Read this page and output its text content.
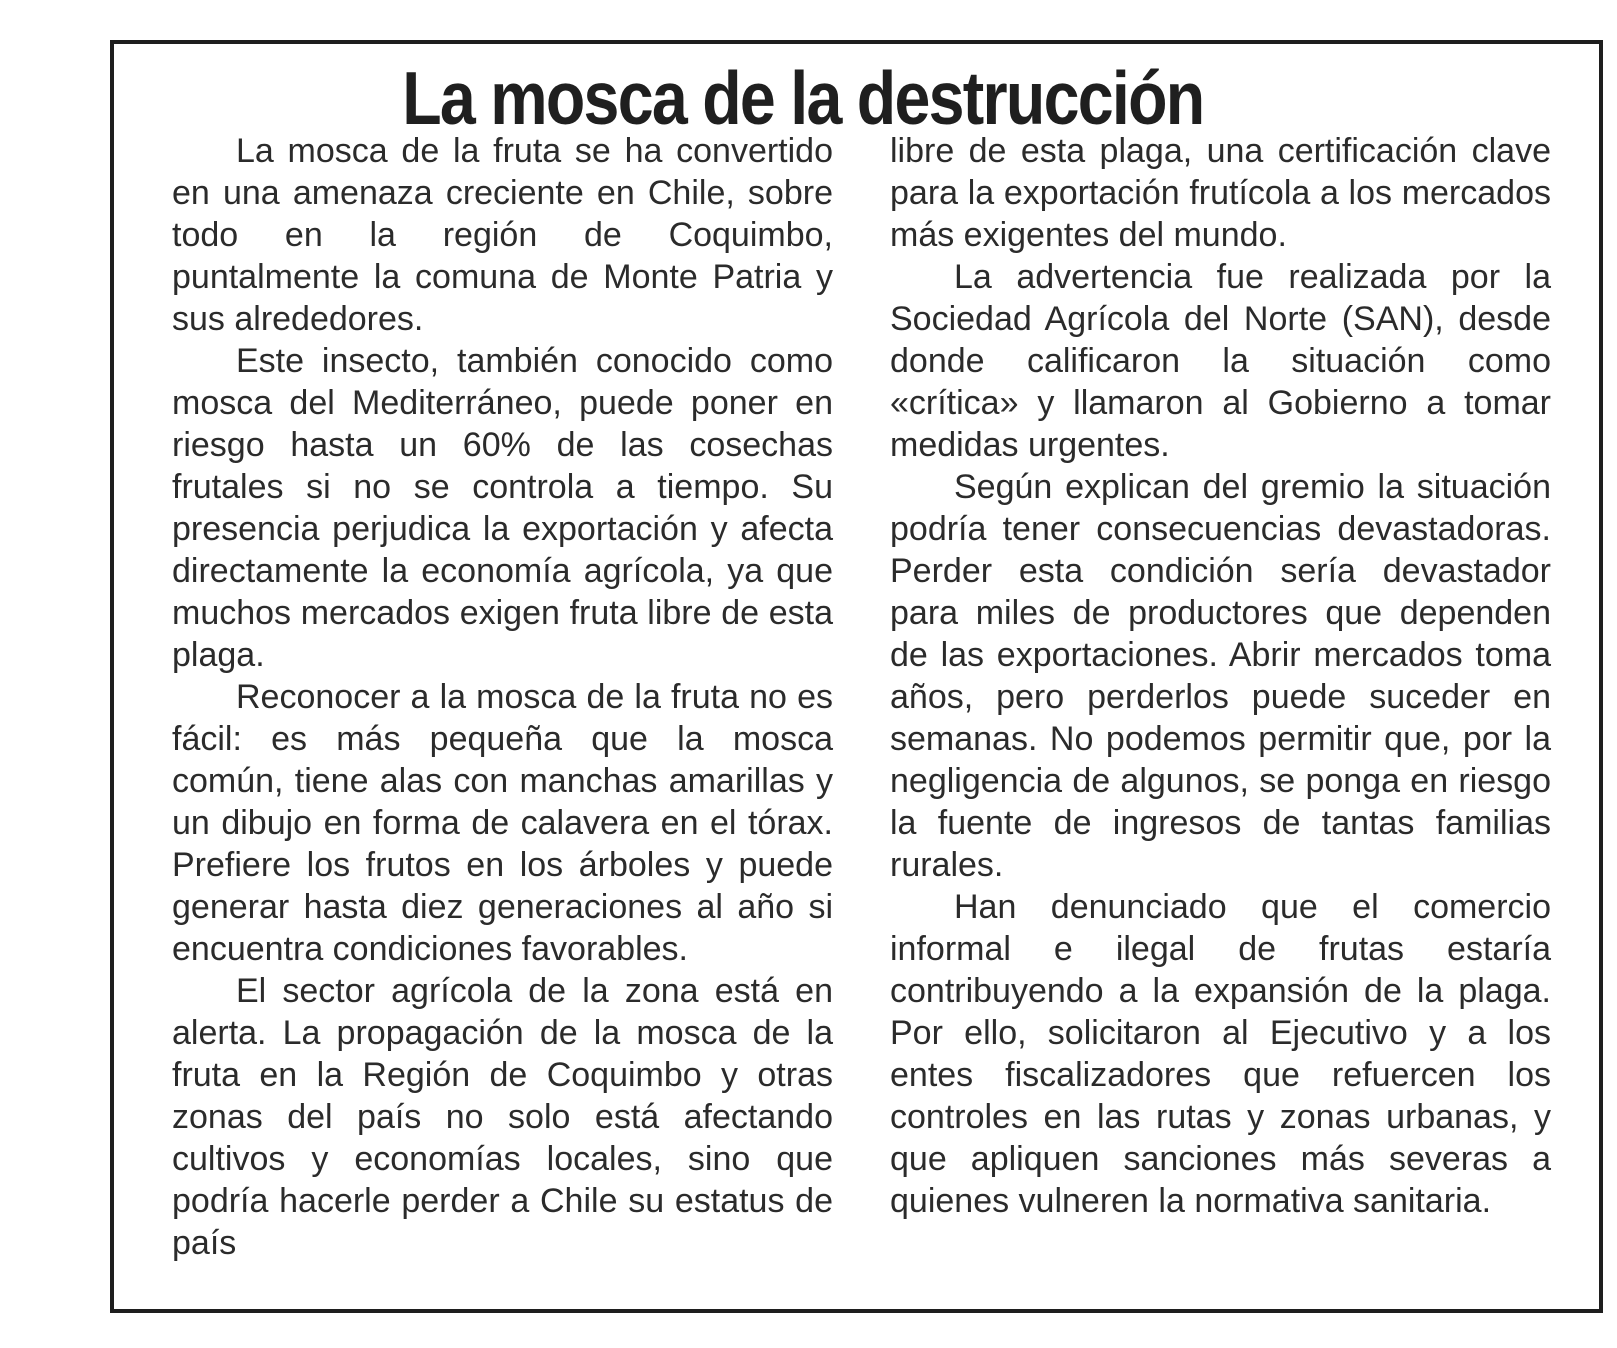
La mosca de la destrucción

La mosca de la fruta se ha convertido en una amenaza creciente en Chile, sobre todo en la región de Coquimbo, puntalmente la comuna de Monte Patria y sus alrededores.

Este insecto, también conocido como mosca del Mediterráneo, puede poner en riesgo hasta un 60% de las cosechas frutales si no se controla a tiempo. Su presencia perjudica la exportación y afecta directamente la economía agrícola, ya que muchos mercados exigen fruta libre de esta plaga.

Reconocer a la mosca de la fruta no es fácil: es más pequeña que la mosca común, tiene alas con manchas amarillas y un dibujo en forma de calavera en el tórax. Prefiere los frutos en los árboles y puede generar hasta diez generaciones al año si encuentra condiciones favorables.

El sector agrícola de la zona está en alerta. La propagación de la mosca de la fruta en la Región de Coquimbo y otras zonas del país no solo está afectando cultivos y economías locales, sino que podría hacerle perder a Chile su estatus de país

libre de esta plaga, una certificación clave para la exportación frutícola a los mercados más exigentes del mundo.

La advertencia fue realizada por la Sociedad Agrícola del Norte (SAN), desde donde calificaron la situación como «crítica» y llamaron al Gobierno a tomar medidas urgentes.

Según explican del gremio la situación podría tener consecuencias devastadoras. Perder esta condición sería devastador para miles de productores que dependen de las exportaciones. Abrir mercados toma años, pero perderlos puede suceder en semanas. No podemos permitir que, por la negligencia de algunos, se ponga en riesgo la fuente de ingresos de tantas familias rurales.

Han denunciado que el comercio informal e ilegal de frutas estaría contribuyendo a la expansión de la plaga. Por ello, solicitaron al Ejecutivo y a los entes fiscalizadores que refuercen los controles en las rutas y zonas urbanas, y que apliquen sanciones más severas a quienes vulneren la normativa sanitaria.
